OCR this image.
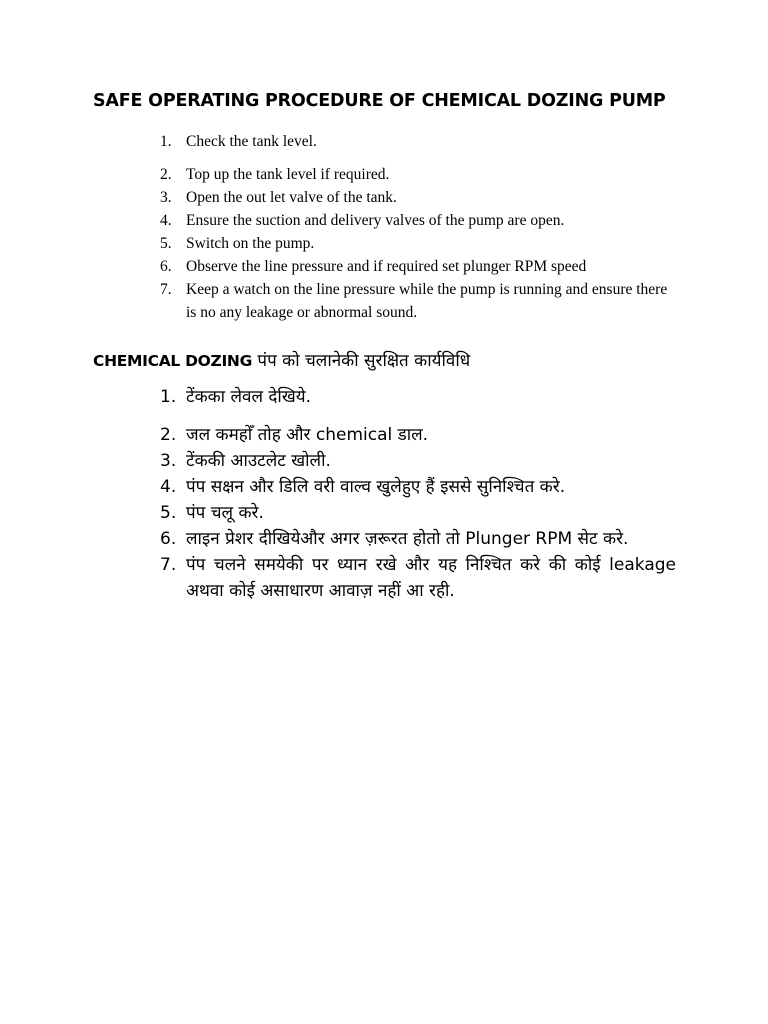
SAFE OPERATING PROCEDURE OF CHEMICAL DOZING PUMP
1. Check the tank level.
2. Top up the tank level if required.
3. Open the out let valve of the tank.
4. Ensure the suction and delivery valves of the pump are open.
5. Switch on the pump.
6. Observe the line pressure and if required set plunger RPM speed
7. Keep a watch on the line pressure while the pump is running and ensure there is no any leakage or abnormal sound.
CHEMICAL DOZING पंप को चलानेकी सुरक्षित कार्यविधि
1. टेंकका लेवल देखिये.
2. जल कमहोँ तोह और chemical डाल.
3. टेंककी आउटलेट खोली.
4. पंप सक्षन और डिलि वरी वाल्व खुलेहुए हैं इससे सुनिश्चित करे.
5. पंप चलू करे.
6. लाइन प्रेशर दीखियेऔर अगर ज़रूरत होतो तो Plunger RPM सेट करे.
7. पंप चलने समयेकी पर ध्यान रखे और यह निश्चित करे की कोई leakage अथवा कोई असाधारण आवाज़ नहीं आ रही.
